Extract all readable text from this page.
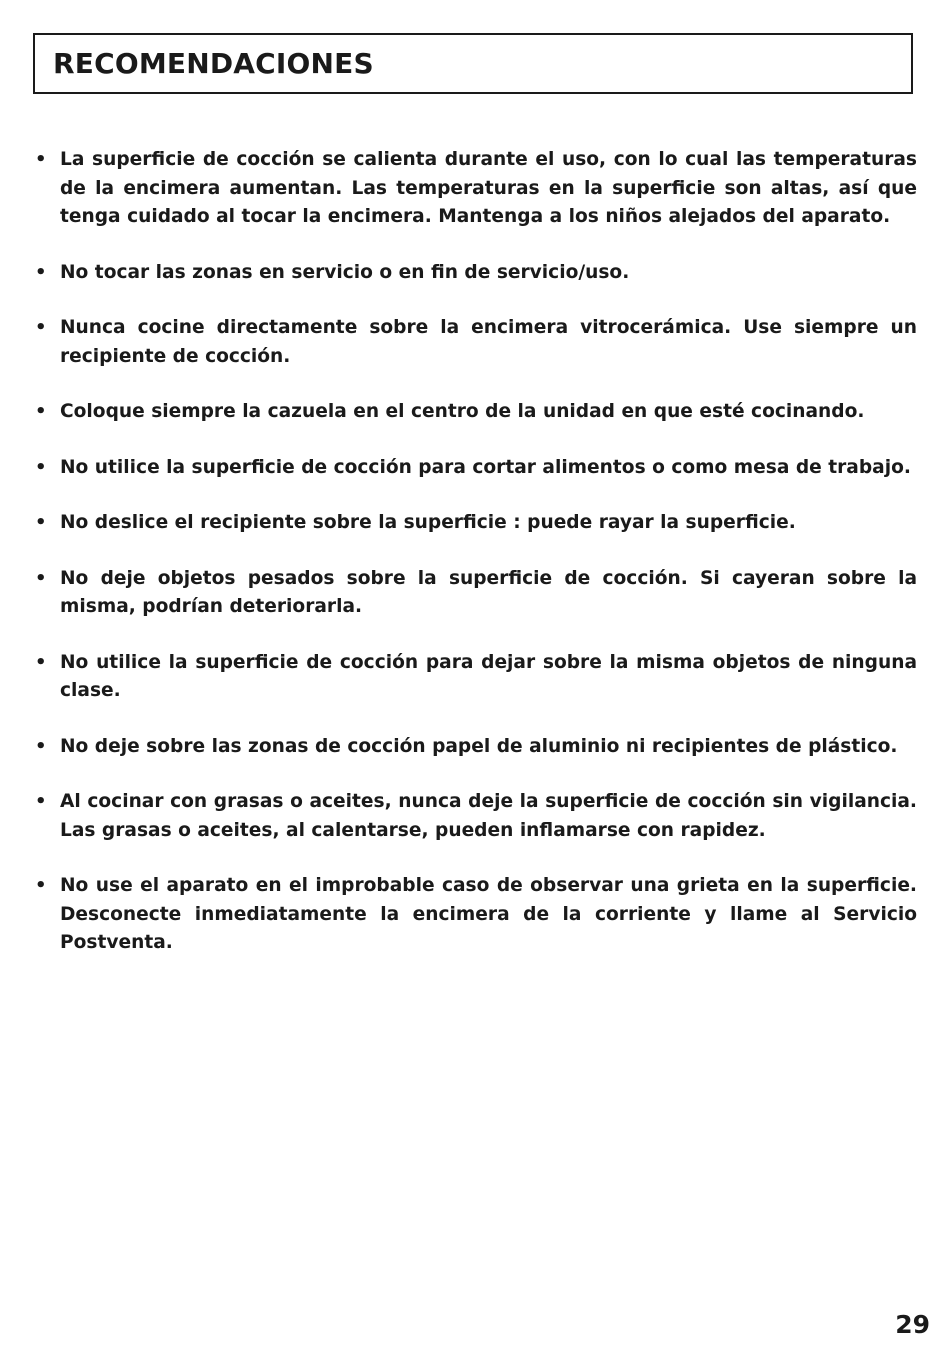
RECOMENDACIONES
• La superficie de cocción se calienta durante el uso, con lo cual las temperaturas de la encimera aumentan. Las temperaturas en la superficie son altas, así que tenga cuidado al tocar la encimera. Mantenga a los niños alejados del aparato.
• No tocar las zonas en servicio o en fin de servicio/uso.
• Nunca cocine directamente sobre la encimera vitrocerámica. Use siempre un recipiente de cocción.
• Coloque siempre la cazuela en el centro de la unidad en que esté cocinando.
• No utilice la superficie de cocción para cortar alimentos o como mesa de trabajo.
• No deslice el recipiente sobre la superficie : puede rayar la superficie.
• No deje objetos pesados sobre la superficie de cocción. Si cayeran sobre la misma, podrían deteriorarla.
• No utilice la superficie de cocción para dejar sobre la misma objetos de ninguna clase.
• No deje sobre las zonas de cocción papel de aluminio ni recipientes de plástico.
• Al cocinar con grasas o aceites, nunca deje la superficie de cocción sin vigilancia. Las grasas o aceites, al calentarse, pueden inflamarse con rapidez.
• No use el aparato en el improbable caso de observar una grieta en la superficie. Desconecte inmediatamente la encimera de la corriente y llame al Servicio Postventa.
29
